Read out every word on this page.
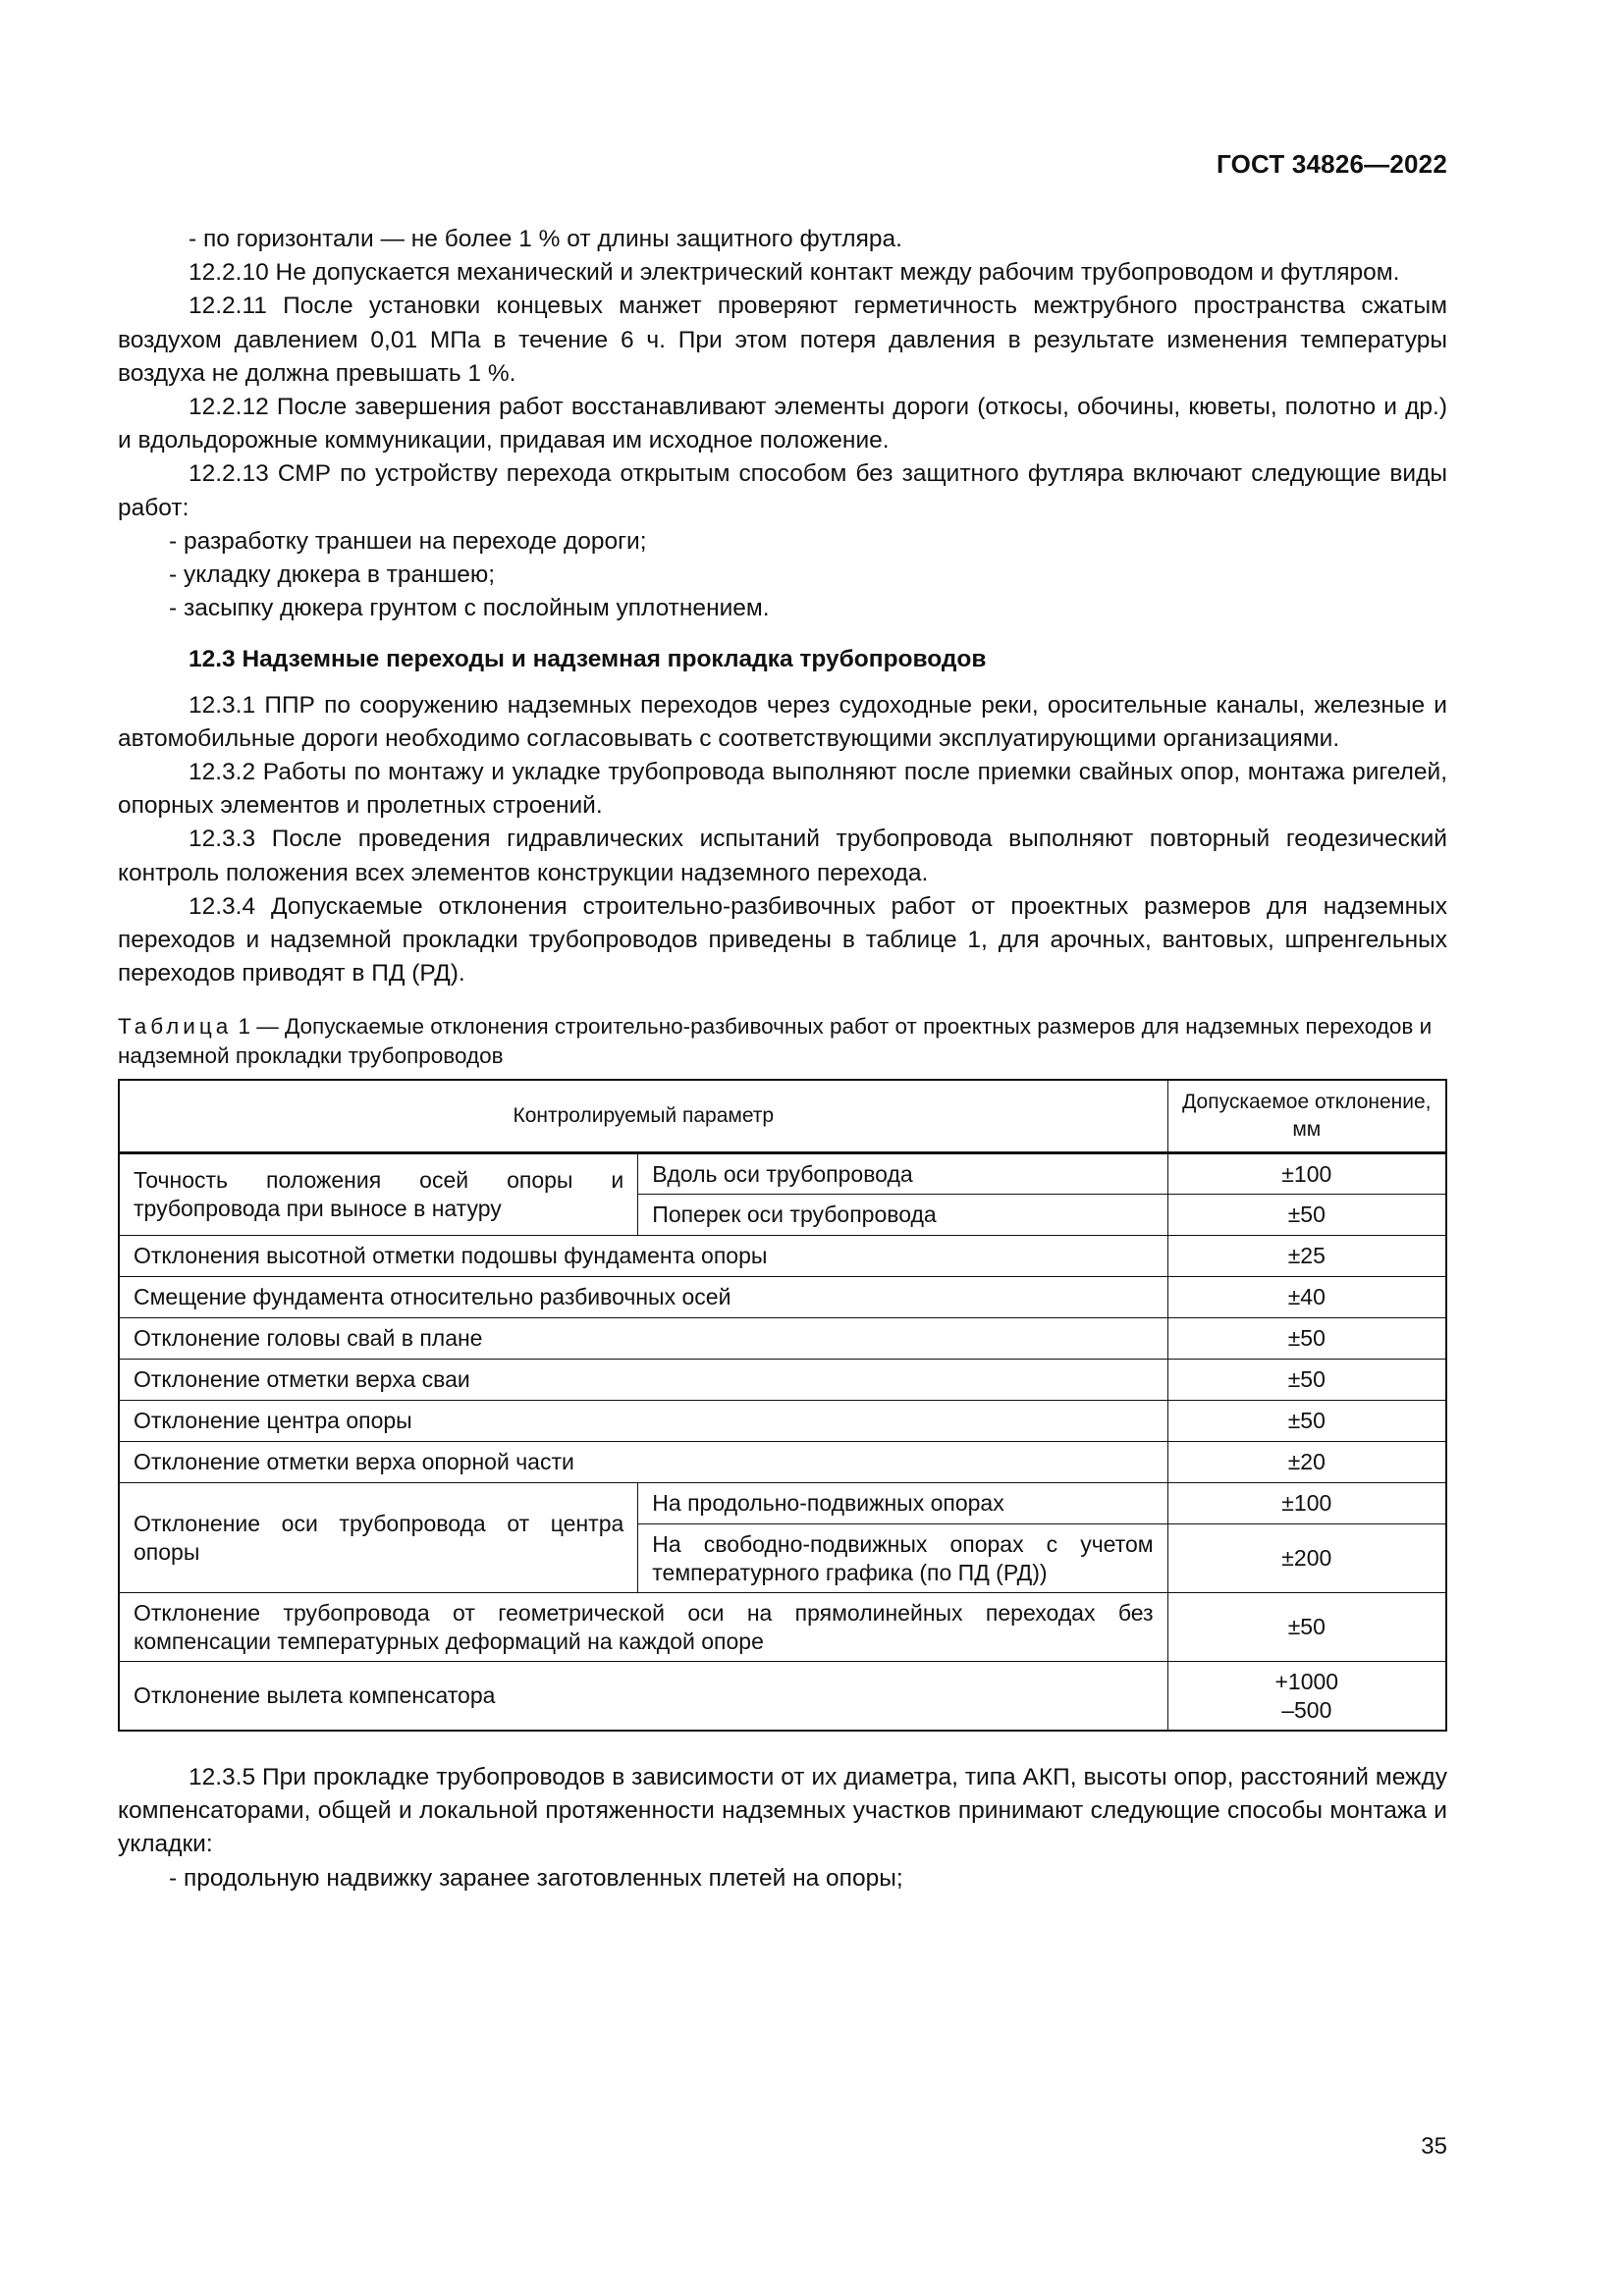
ГОСТ 34826—2022

- по горизонтали — не более 1 % от длины защитного футляра.

12.2.10 Не допускается механический и электрический контакт между рабочим трубопроводом и футляром.

12.2.11 После установки концевых манжет проверяют герметичность межтрубного пространства сжатым воздухом давлением 0,01 МПа в течение 6 ч. При этом потеря давления в результате изменения температуры воздуха не должна превышать 1 %.

12.2.12 После завершения работ восстанавливают элементы дороги (откосы, обочины, кюветы, полотно и др.) и вдольдорожные коммуникации, придавая им исходное положение.

12.2.13 СМР по устройству перехода открытым способом без защитного футляра включают следующие виды работ:

- разработку траншеи на переходе дороги;

- укладку дюкера в траншею;

- засыпку дюкера грунтом с послойным уплотнением.

12.3 Надземные переходы и надземная прокладка трубопроводов

12.3.1 ППР по сооружению надземных переходов через судоходные реки, оросительные каналы, железные и автомобильные дороги необходимо согласовывать с соответствующими эксплуатирующими организациями.

12.3.2 Работы по монтажу и укладке трубопровода выполняют после приемки свайных опор, монтажа ригелей, опорных элементов и пролетных строений.

12.3.3 После проведения гидравлических испытаний трубопровода выполняют повторный геодезический контроль положения всех элементов конструкции надземного перехода.

12.3.4 Допускаемые отклонения строительно-разбивочных работ от проектных размеров для надземных переходов и надземной прокладки трубопроводов приведены в таблице 1, для арочных, вантовых, шпренгельных переходов приводят в ПД (РД).

Таблица 1 — Допускаемые отклонения строительно-разбивочных работ от проектных размеров для надземных переходов и надземной прокладки трубопроводов
Контролируемый параметр		Допускаемое отклонение, мм
Точность положения осей опоры и трубопровода при выносе в натуру	Вдоль оси трубопровода	±100
	Поперек оси трубопровода	±50
Отклонения высотной отметки подошвы фундамента опоры		±25
Смещение фундамента относительно разбивочных осей		±40
Отклонение головы свай в плане		±50
Отклонение отметки верха сваи		±50
Отклонение центра опоры		±50
Отклонение отметки верха опорной части		±20
Отклонение оси трубопровода от центра опоры	На продольно-подвижных опорах	±100
	На свободно-подвижных опорах с учетом температурного графика (по ПД (РД))	±200
Отклонение трубопровода от геометрической оси на прямолинейных переходах без компенсации температурных деформаций на каждой опоре		±50
Отклонение вылета компенсатора		+1000
–500

12.3.5 При прокладке трубопроводов в зависимости от их диаметра, типа АКП, высоты опор, расстояний между компенсаторами, общей и локальной протяженности надземных участков принимают следующие способы монтажа и укладки:

- продольную надвижку заранее заготовленных плетей на опоры;

35
